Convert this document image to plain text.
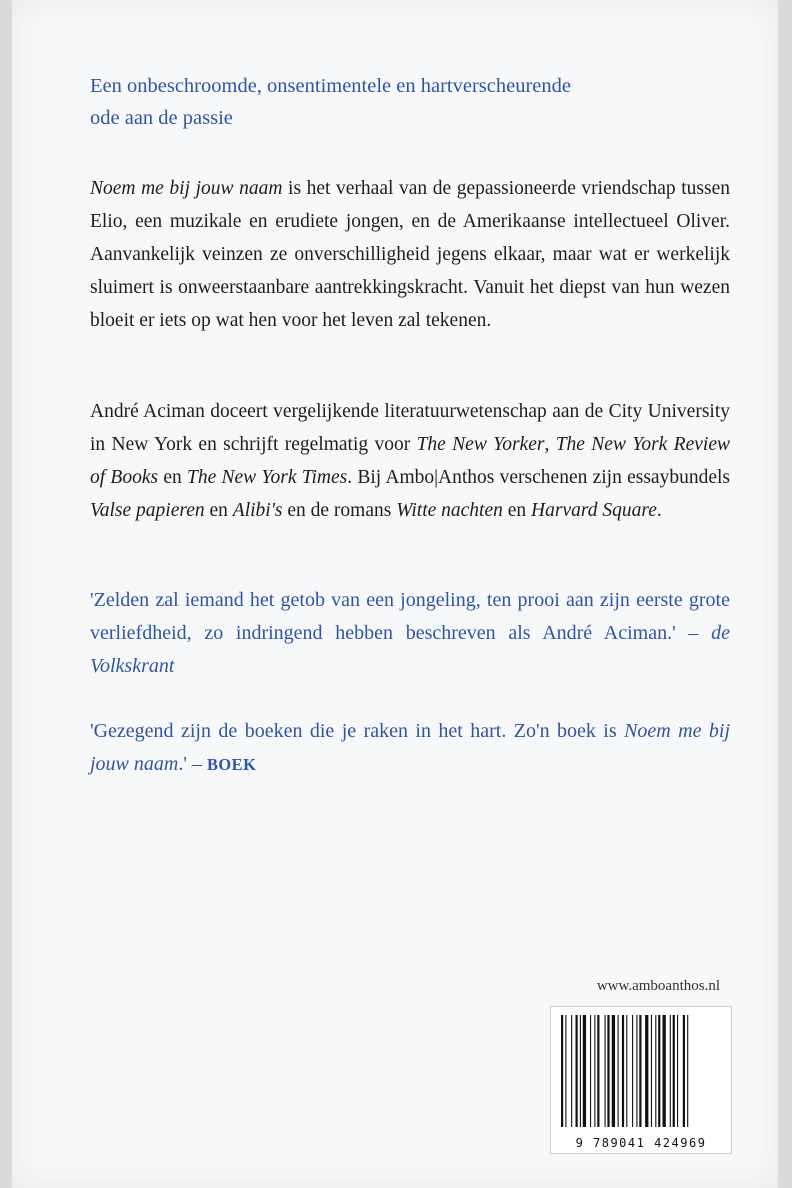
Een onbeschroomde, onsentimentele en hartverscheurende
ode aan de passie

Noem me bij jouw naam is het verhaal van de gepassioneerde vriendschap tussen Elio, een muzikale en erudiete jongen, en de Amerikaanse intellectueel Oliver. Aanvankelijk veinzen ze onverschilligheid jegens elkaar, maar wat er werkelijk sluimert is onweerstaanbare aantrekkingskracht. Vanuit het diepst van hun wezen bloeit er iets op wat hen voor het leven zal tekenen.

André Aciman doceert vergelijkende literatuurwetenschap aan de City University in New York en schrijft regelmatig voor The New Yorker, The New York Review of Books en The New York Times. Bij Ambo|Anthos verschenen zijn essaybundels Valse papieren en Alibi's en de romans Witte nachten en Harvard Square.

'Zelden zal iemand het getob van een jongeling, ten prooi aan zijn eerste grote verliefdheid, zo indringend hebben beschreven als André Aciman.' – de Volkskrant

'Gezegend zijn de boeken die je raken in het hart. Zo'n boek is Noem me bij jouw naam.' – BOEK

www.amboanthos.nl
9 789041 424969
